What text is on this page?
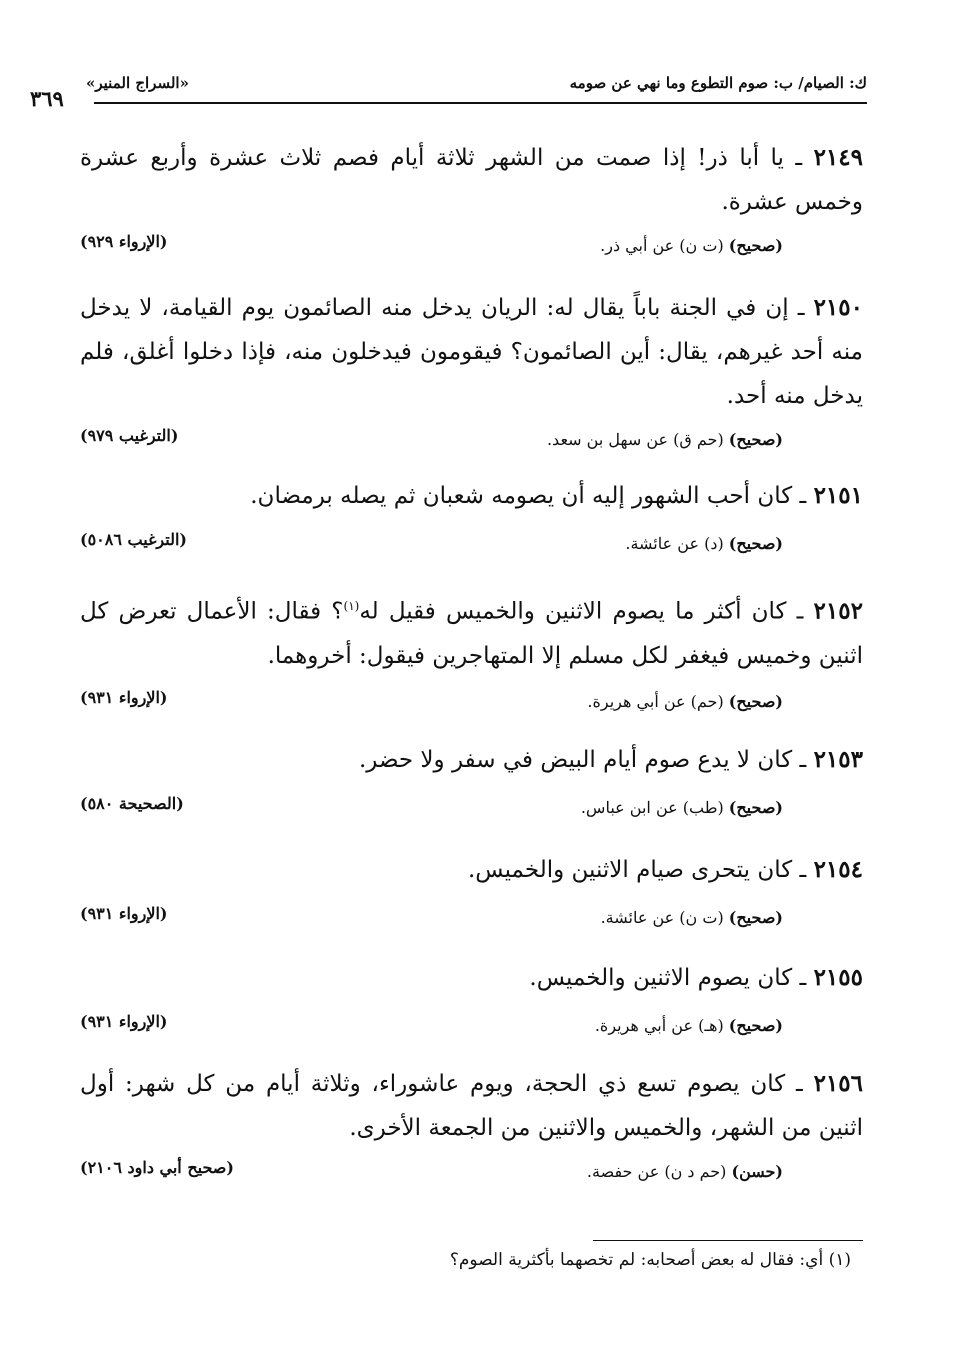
ك: الصيام/ ب: صوم التطوع وما نهي عن صومه
«السراج المنير»
٣٦٩

٢١٤٩ ـ يا أبا ذر! إذا صمت من الشهر ثلاثة أيام فصم ثلاث عشرة وأربع عشرة وخمس عشرة.

(صحيح) (ت ن) عن أبي ذر.
(الإرواء ٩٢٩)

٢١٥٠ ـ إن في الجنة باباً يقال له: الريان يدخل منه الصائمون يوم القيامة، لا يدخل منه أحد غيرهم، يقال: أين الصائمون؟ فيقومون فيدخلون منه، فإذا دخلوا أغلق، فلم يدخل منه أحد.

(صحيح) (حم ق) عن سهل بن سعد.
(الترغيب ٩٧٩)

٢١٥١ ـ كان أحب الشهور إليه أن يصومه شعبان ثم يصله برمضان.

(صحيح) (د) عن عائشة.
(الترغيب ٥٠٨٦)

٢١٥٢ ـ كان أكثر ما يصوم الاثنين والخميس فقيل له$^{(١)}$؟ فقال: الأعمال تعرض كل اثنين وخميس فيغفر لكل مسلم إلا المتهاجرين فيقول: أخروهما.

(صحيح) (حم) عن أبي هريرة.
(الإرواء ٩٣١)

٢١٥٣ ـ كان لا يدع صوم أيام البيض في سفر ولا حضر.

(صحيح) (طب) عن ابن عباس.
(الصحيحة ٥٨٠)

٢١٥٤ ـ كان يتحرى صيام الاثنين والخميس.

(صحيح) (ت ن) عن عائشة.
(الإرواء ٩٣١)

٢١٥٥ ـ كان يصوم الاثنين والخميس.

(صحيح) (هـ) عن أبي هريرة.
(الإرواء ٩٣١)

٢١٥٦ ـ كان يصوم تسع ذي الحجة، ويوم عاشوراء، وثلاثة أيام من كل شهر: أول اثنين من الشهر، والخميس والاثنين من الجمعة الأخرى.

(حسن) (حم د ن) عن حفصة.
(صحيح أبي داود ٢١٠٦)
(١) أي: فقال له بعض أصحابه: لم تخصهما بأكثرية الصوم؟
